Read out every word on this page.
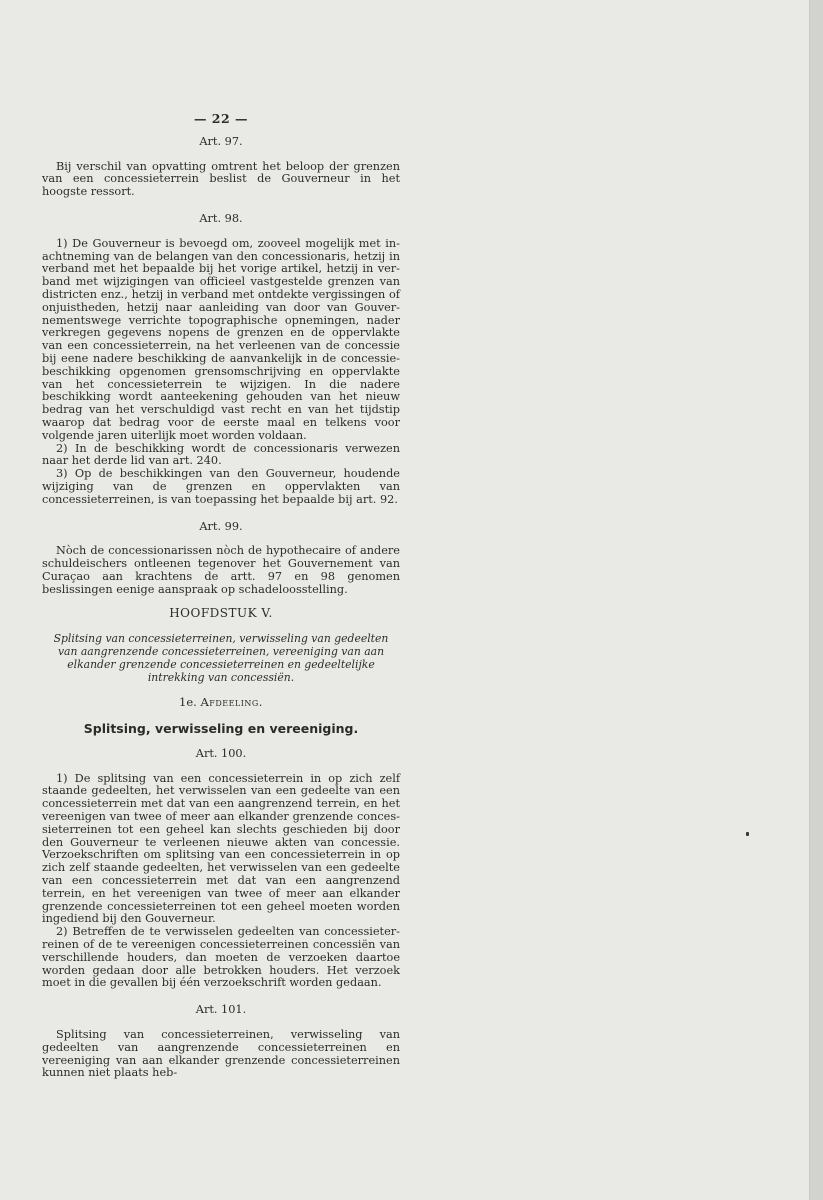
— 22 —
Art. 97.

Bij verschil van opvatting omtrent het beloop der grenzen van een concessieterrein beslist de Gouverneur in het hoogste ressort.

Art. 98.

1) De Gouverneur is bevoegd om, zooveel mogelijk met inachtneming van de belangen van den concessionaris, hetzij in verband met het bepaalde bij het vorige artikel, hetzij in verband met wijzigingen van officieel vastgestelde grenzen van districten enz., hetzij in verband met ontdekte vergissingen of onjuistheden, hetzij naar aanleiding van door van Gouvernementswege verrichte topographische opnemingen, nader verkregen gegevens nopens de grenzen en de oppervlakte van een concessieterrein, na het verleenen van de concessie bij eene nadere beschikking de aanvankelijk in de concessie-beschikking opgenomen grensomschrijving en oppervlakte van het concessieterrein te wijzigen. In die nadere beschikking wordt aanteekening gehouden van het nieuw bedrag van het verschuldigd vast recht en van het tijdstip waarop dat bedrag voor de eerste maal en telkens voor volgende jaren uiterlijk moet worden voldaan.

2) In de beschikking wordt de concessionaris verwezen naar het derde lid van art. 240.

3) Op de beschikkingen van den Gouverneur, houdende wijziging van de grenzen en oppervlakten van concessieterreinen, is van toepassing het bepaalde bij art. 92.

Art. 99.

Nòch de concessionarissen nòch de hypothecaire of andere schuldeischers ontleenen tegenover het Gouvernement van Curaçao aan krachtens de artt. 97 en 98 genomen beslissingen eenige aanspraak op schadeloosstelling.

HOOFDSTUK V.
Splitsing van concessieterreinen, verwisseling van gedeelten van aangrenzende concessieterreinen, vereeniging van aan elkander grenzende concessieterreinen en gedeeltelijke intrekking van concessiën.
1e. Afdeeling.
Splitsing, verwisseling en vereeniging.
Art. 100.

1) De splitsing van een concessieterrein in op zich zelf staande gedeelten, het verwisselen van een gedeelte van een concessieterrein met dat van een aangrenzend terrein, en het vereenigen van twee of meer aan elkander grenzende concessieterreinen tot een geheel kan slechts geschieden bij door den Gouverneur te verleenen nieuwe akten van concessie. Verzoekschriften om splitsing van een concessieterrein in op zich zelf staande gedeelten, het verwisselen van een gedeelte van een concessieterrein met dat van een aangrenzend terrein, en het vereenigen van twee of meer aan elkander grenzende concessieterreinen tot een geheel moeten worden ingediend bij den Gouverneur.

2) Betreffen de te verwisselen gedeelten van concessieterreinen of de te vereenigen concessieterreinen concessiën van verschillende houders, dan moeten de verzoeken daartoe worden gedaan door alle betrokken houders. Het verzoek moet in die gevallen bij één verzoekschrift worden gedaan.

Art. 101.

Splitsing van concessieterreinen, verwisseling van gedeelten van aangrenzende concessieterreinen en vereeniging van aan elkander grenzende concessieterreinen kunnen niet plaats heb-
